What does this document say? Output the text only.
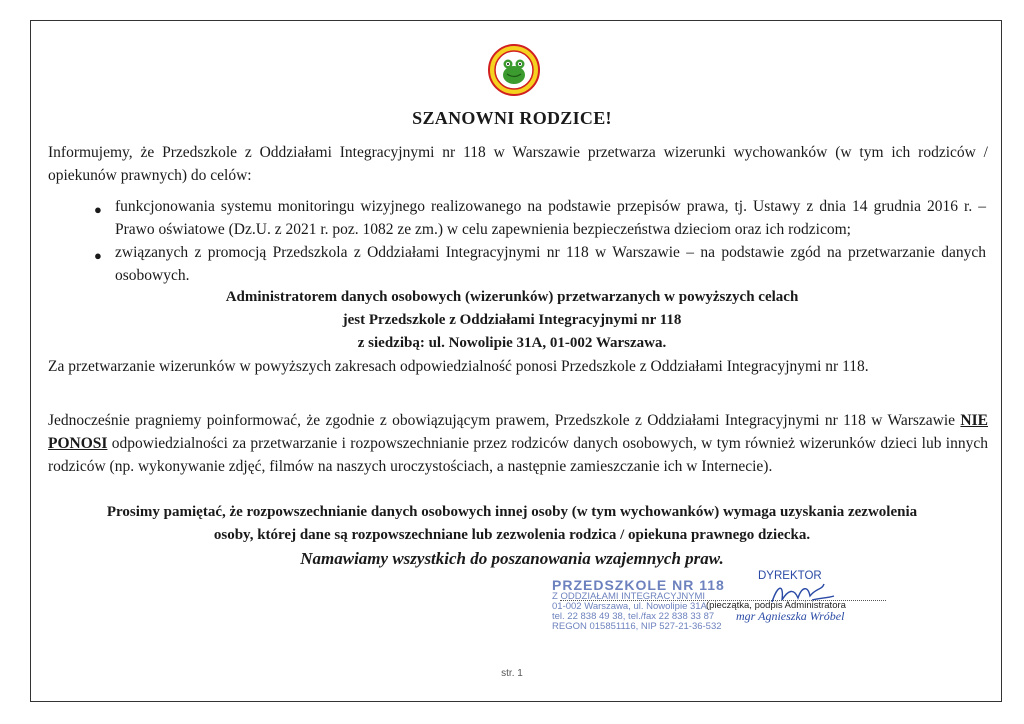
SZANOWNI RODZICE!
Informujemy, że Przedszkole z Oddziałami Integracyjnymi nr 118 w Warszawie przetwarza wizerunki wychowanków (w tym ich rodziców / opiekunów prawnych) do celów:
● funkcjonowania systemu monitoringu wizyjnego realizowanego na podstawie przepisów prawa, tj. Ustawy z dnia 14 grudnia 2016 r. – Prawo oświatowe (Dz.U. z 2021 r. poz. 1082 ze zm.) w celu zapewnienia bezpieczeństwa dzieciom oraz ich rodzicom;
● związanych z promocją Przedszkola z Oddziałami Integracyjnymi nr 118 w Warszawie – na podstawie zgód na przetwarzanie danych osobowych.
Administratorem danych osobowych (wizerunków) przetwarzanych w powyższych celach
jest Przedszkole z Oddziałami Integracyjnymi nr 118
z siedzibą: ul. Nowolipie 31A, 01-002 Warszawa.
Za przetwarzanie wizerunków w powyższych zakresach odpowiedzialność ponosi Przedszkole z Oddziałami Integracyjnymi nr 118.
Jednocześnie pragniemy poinformować, że zgodnie z obowiązującym prawem, Przedszkole z Oddziałami Integracyjnymi nr 118 w Warszawie NIE PONOSI odpowiedzialności za przetwarzanie i rozpowszechnianie przez rodziców danych osobowych, w tym również wizerunków dzieci lub innych rodziców (np. wykonywanie zdjęć, filmów na naszych uroczystościach, a następnie zamieszczanie ich w Internecie).
Prosimy pamiętać, że rozpowszechnianie danych osobowych innej osoby (w tym wychowanków) wymaga uzyskania zezwolenia
osoby, której dane są rozpowszechniane lub zezwolenia rodzica / opiekuna prawnego dziecka.
Namawiamy wszystkich do poszanowania wzajemnych praw.
PRZEDSZKOLE NR 118
Z ODDZIAŁAMI INTEGRACYJNYMI
01-002 Warszawa, ul. Nowolipie 31A
tel. 22 838 49 38, tel./fax 22 838 33 87
REGON 015851116, NIP 527-21-36-532
(pieczątka, podpis Administratora
DYREKTOR
mgr Agnieszka Wróbel
str. 1
